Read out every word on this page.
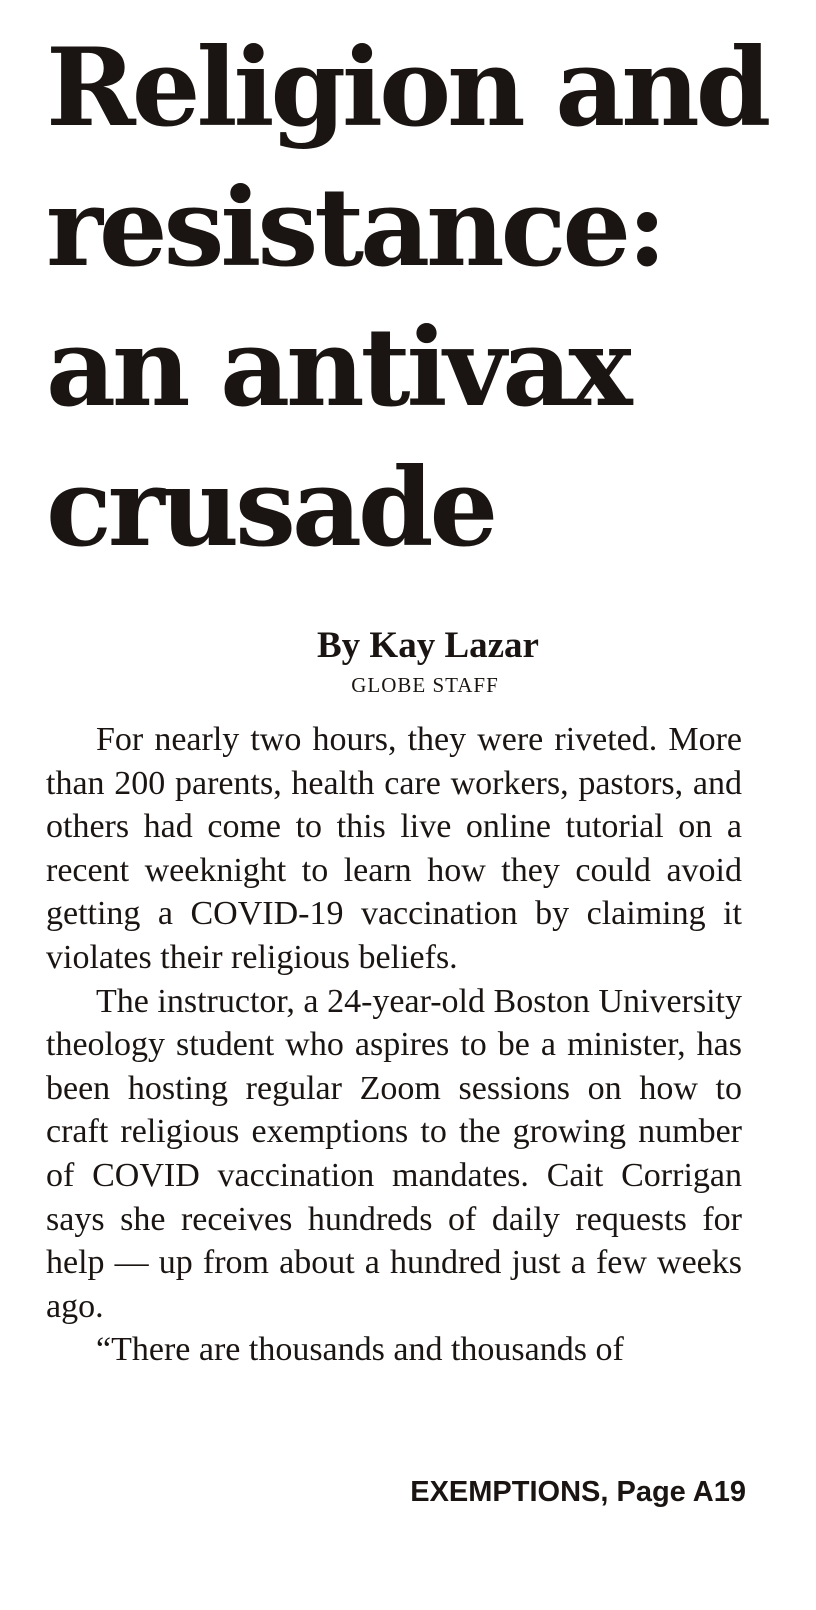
Religion and
resistance:
an antivax
crusade
By Kay Lazar
GLOBE STAFF

For nearly two hours, they were riveted. More than 200 parents, health care workers, pastors, and others had come to this live online tutorial on a recent weeknight to learn how they could avoid getting a COVID-19 vaccination by claiming it violates their religious beliefs.

The instructor, a 24-year-old Boston University theology student who aspires to be a minister, has been hosting regular Zoom sessions on how to craft religious exemptions to the growing number of COVID vaccination mandates. Cait Corrigan says she receives hundreds of daily requests for help — up from about a hundred just a few weeks ago.

“There are thousands and thousands of

EXEMPTIONS, Page A19
